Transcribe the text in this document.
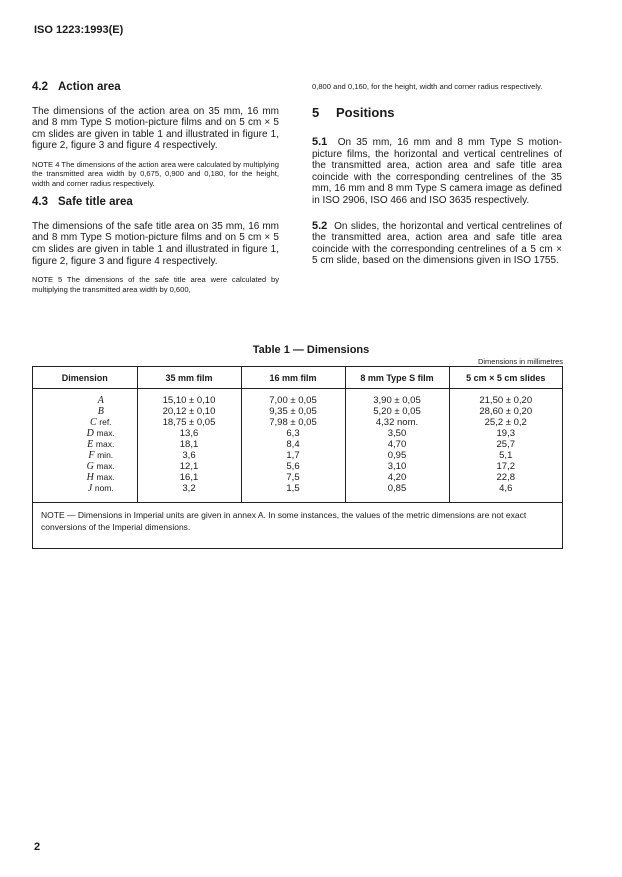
ISO 1223:1993(E)
4.2 Action area

The dimensions of the action area on 35 mm, 16 mm and 8 mm Type S motion-picture films and on 5 cm × 5 cm slides are given in table 1 and illustrated in figure 1, figure 2, figure 3 and figure 4 respectively.

NOTE 4 The dimensions of the action area were calculated by multiplying the transmitted area width by 0,675, 0,900 and 0,180, for the height, width and corner radius respectively.

4.3 Safe title area

The dimensions of the safe title area on 35 mm, 16 mm and 8 mm Type S motion-picture films and on 5 cm × 5 cm slides are given in table 1 and illustrated in figure 1, figure 2, figure 3 and figure 4 respectively.

NOTE 5 The dimensions of the safe title area were calculated by multiplying the transmitted area width by 0,600,

0,800 and 0,160, for the height, width and corner radius respectively.

5 Positions

5.1 On 35 mm, 16 mm and 8 mm Type S motion-picture films, the horizontal and vertical centrelines of the transmitted area, action area and safe title area coincide with the corresponding centrelines of the 35 mm, 16 mm and 8 mm Type S camera image as defined in ISO 2906, ISO 466 and ISO 3635 respectively.

5.2 On slides, the horizontal and vertical centrelines of the transmitted area, action area and safe title area coincide with the corresponding centrelines of a 5 cm × 5 cm slide, based on the dimensions given in ISO 1755.

Table 1 — Dimensions
Dimensions in millimetres
Dimension	35 mm film	16 mm film	8 mm Type S film	5 cm × 5 cm slides
A	15,10 ± 0,10	7,00 ± 0,05	3,90 ± 0,05	21,50 ± 0,20
B	20,12 ± 0,10	9,35 ± 0,05	5,20 ± 0,05	28,60 ± 0,20
C ref.	18,75 ± 0,05	7,98 ± 0,05	4,32 nom.	25,2 ± 0,2
D max.	13,6	6,3	3,50	19,3
E max.	18,1	8,4	4,70	25,7
F min.	3,6	1,7	0,95	5,1
G max.	12,1	5,6	3,10	17,2
H max.	16,1	7,5	4,20	22,8
J nom.	3,2	1,5	0,85	4,6
NOTE — Dimensions in Imperial units are given in annex A. In some instances, the values of the metric dimensions are not exact conversions of the Imperial dimensions.
2
